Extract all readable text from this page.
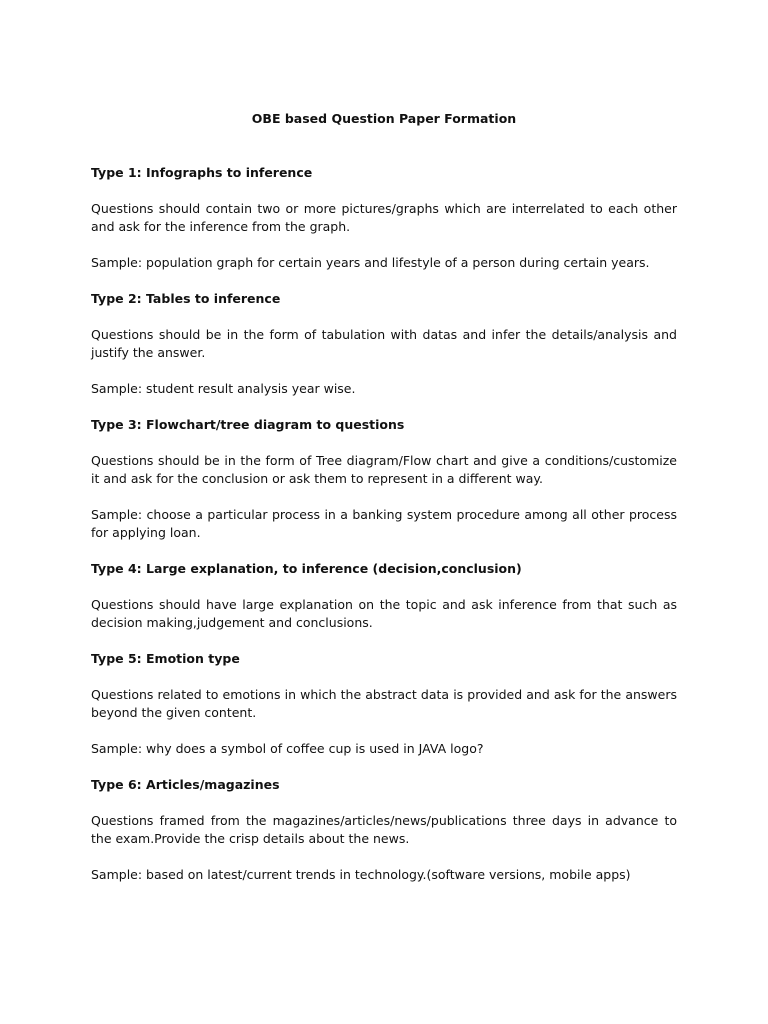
OBE based Question Paper Formation
Type 1: Infographs to inference
Questions should contain two or more pictures/graphs which are interrelated to each other and ask for the inference from the graph.
Sample: population graph for certain years and lifestyle of a person during certain years.
Type 2: Tables to inference
Questions should be in the form of tabulation with datas and infer the details/analysis and justify the answer.
Sample: student result analysis year wise.
Type 3: Flowchart/tree diagram to questions
Questions should be in the form of Tree diagram/Flow chart and give a conditions/customize it and ask for the conclusion or ask them to represent in a different way.
Sample: choose a particular process in a banking system procedure among all other process for applying loan.
Type 4: Large explanation, to inference (decision,conclusion)
Questions should have large explanation on the topic and ask inference from that such as decision making,judgement and conclusions.
Type 5: Emotion type
Questions related to emotions in which the abstract data is provided and ask for the answers beyond the given content.
Sample: why does a symbol of coffee cup is used in JAVA logo?
Type 6: Articles/magazines
Questions framed from the magazines/articles/news/publications three days in advance to the exam.Provide the crisp details about the news.
Sample: based on latest/current trends in technology.(software versions, mobile apps)
